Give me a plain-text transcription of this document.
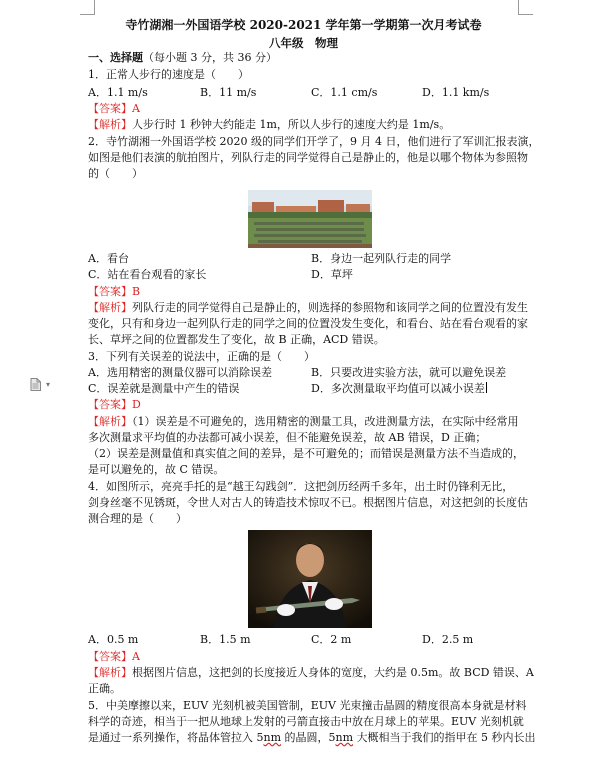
▾
寺竹湖湘一外国语学校 2020-2021 学年第一学期第一次月考试卷
八年级　物理
一、选择题（每小题 3 分，共 36 分）
1．正常人步行的速度是（　　）
A．1.1 m/s	B．11 m/s	C．1.1 cm/s	D．1.1 km/s
【答案】A
【解析】人步行时 1 秒钟大约能走 1m，所以人步行的速度大约是 1m/s。
2．寺竹湖湘一外国语学校 2020 级的同学们开学了，9 月 4 日，他们进行了军训汇报表演，
如图是他们表演的航拍图片，列队行走的同学觉得自己是静止的，他是以哪个物体为参照物
的（　　）
A．看台	B．身边一起列队行走的同学
C．站在看台观看的家长	D．草坪
【答案】B
【解析】列队行走的同学觉得自己是静止的，则选择的参照物和该同学之间的位置没有发生
变化，只有和身边一起列队行走的同学之间的位置没发生变化，和看台、站在看台观看的家
长、草坪之间的位置都发生了变化，故 B 正确，ACD 错误。
3．下列有关误差的说法中，正确的是（　　）
A．选用精密的测量仪器可以消除误差	B．只要改进实验方法，就可以避免误差
C．误差就是测量中产生的错误	D．多次测量取平均值可以减小误差
【答案】D
【解析】（1）误差是不可避免的，选用精密的测量工具，改进测量方法，在实际中经常用
多次测量求平均值的办法都可减小误差，但不能避免误差，故 AB 错误，D 正确；
（2）误差是测量值和真实值之间的差异，是不可避免的；而错误是测量方法不当造成的，
是可以避免的，故 C 错误。
4．如图所示，亮亮手托的是“越王勾践剑”．这把剑历经两千多年，出土时仍锋利无比，
剑身丝毫不见锈斑，令世人对古人的铸造技术惊叹不已。根据图片信息，对这把剑的长度估
测合理的是（　　）
A．0.5 m	B．1.5 m	C．2 m	D．2.5 m
【答案】A
【解析】根据图片信息，这把剑的长度接近人身体的宽度，大约是 0.5m。故 BCD 错误、A
正确。
5．中美摩擦以来，EUV 光刻机被美国管制，EUV 光束撞击晶圆的精度很高本身就是材料
科学的奇迹，相当于一把从地球上发射的弓箭直接击中放在月球上的苹果。EUV 光刻机就
是通过一系列操作，将晶体管拉入 5nm 的晶圆，5nm 大概相当于我们的指甲在 5 秒内长出
